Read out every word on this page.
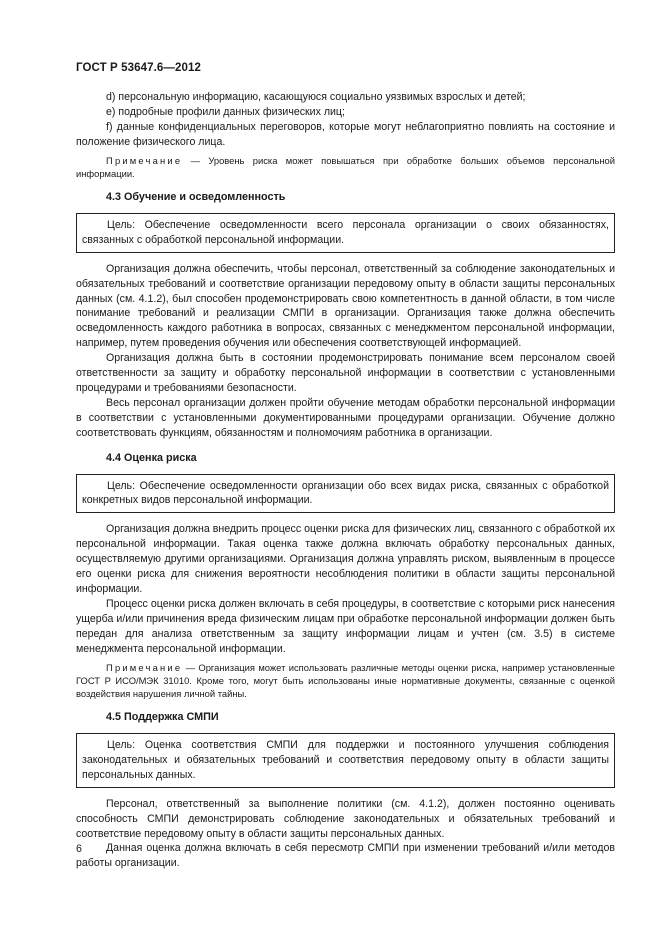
ГОСТ Р 53647.6—2012

d) персональную информацию, касающуюся социально уязвимых взрослых и детей;

e) подробные профили данных физических лиц;

f) данные конфиденциальных переговоров, которые могут неблагоприятно повлиять на состояние и положение физического лица.

Примечание — Уровень риска может повышаться при обработке больших объемов персональной информации.

4.3 Обучение и осведомленность

Цель: Обеспечение осведомленности всего персонала организации о своих обязанностях, связанных с обработкой персональной информации.

Организация должна обеспечить, чтобы персонал, ответственный за соблюдение законодательных и обязательных требований и соответствие организации передовому опыту в области защиты персональных данных (см. 4.1.2), был способен продемонстрировать свою компетентность в данной области, в том числе понимание требований и реализации СМПИ в организации. Организация также должна обеспечить осведомленность каждого работника в вопросах, связанных с менеджментом персональной информации, например, путем проведения обучения или обеспечения соответствующей информацией.

Организация должна быть в состоянии продемонстрировать понимание всем персоналом своей ответственности за защиту и обработку персональной информации в соответствии с установленными процедурами и требованиями безопасности.

Весь персонал организации должен пройти обучение методам обработки персональной информации в соответствии с установленными документированными процедурами организации. Обучение должно соответствовать функциям, обязанностям и полномочиям работника в организации.

4.4 Оценка риска

Цель: Обеспечение осведомленности организации обо всех видах риска, связанных с обработкой конкретных видов персональной информации.

Организация должна внедрить процесс оценки риска для физических лиц, связанного с обработкой их персональной информации. Такая оценка также должна включать обработку персональных данных, осуществляемую другими организациями. Организация должна управлять риском, выявленным в процессе его оценки риска для снижения вероятности несоблюдения политики в области защиты персональной информации.

Процесс оценки риска должен включать в себя процедуры, в соответствие с которыми риск нанесения ущерба и/или причинения вреда физическим лицам при обработке персональной информации должен быть передан для анализа ответственным за защиту информации лицам и учтен (см. 3.5) в системе менеджмента персональной информации.

Примечание — Организация может использовать различные методы оценки риска, например установленные ГОСТ Р ИСО/МЭК 31010. Кроме того, могут быть использованы иные нормативные документы, связанные с оценкой воздействия нарушения личной тайны.

4.5 Поддержка СМПИ

Цель: Оценка соответствия СМПИ для поддержки и постоянного улучшения соблюдения законодательных и обязательных требований и соответствия передовому опыту в области защиты персональных данных.

Персонал, ответственный за выполнение политики (см. 4.1.2), должен постоянно оценивать способность СМПИ демонстрировать соблюдение законодательных и обязательных требований и соответствие передовому опыту в области защиты персональных данных.

Данная оценка должна включать в себя пересмотр СМПИ при изменении требований и/или методов работы организации.

6
